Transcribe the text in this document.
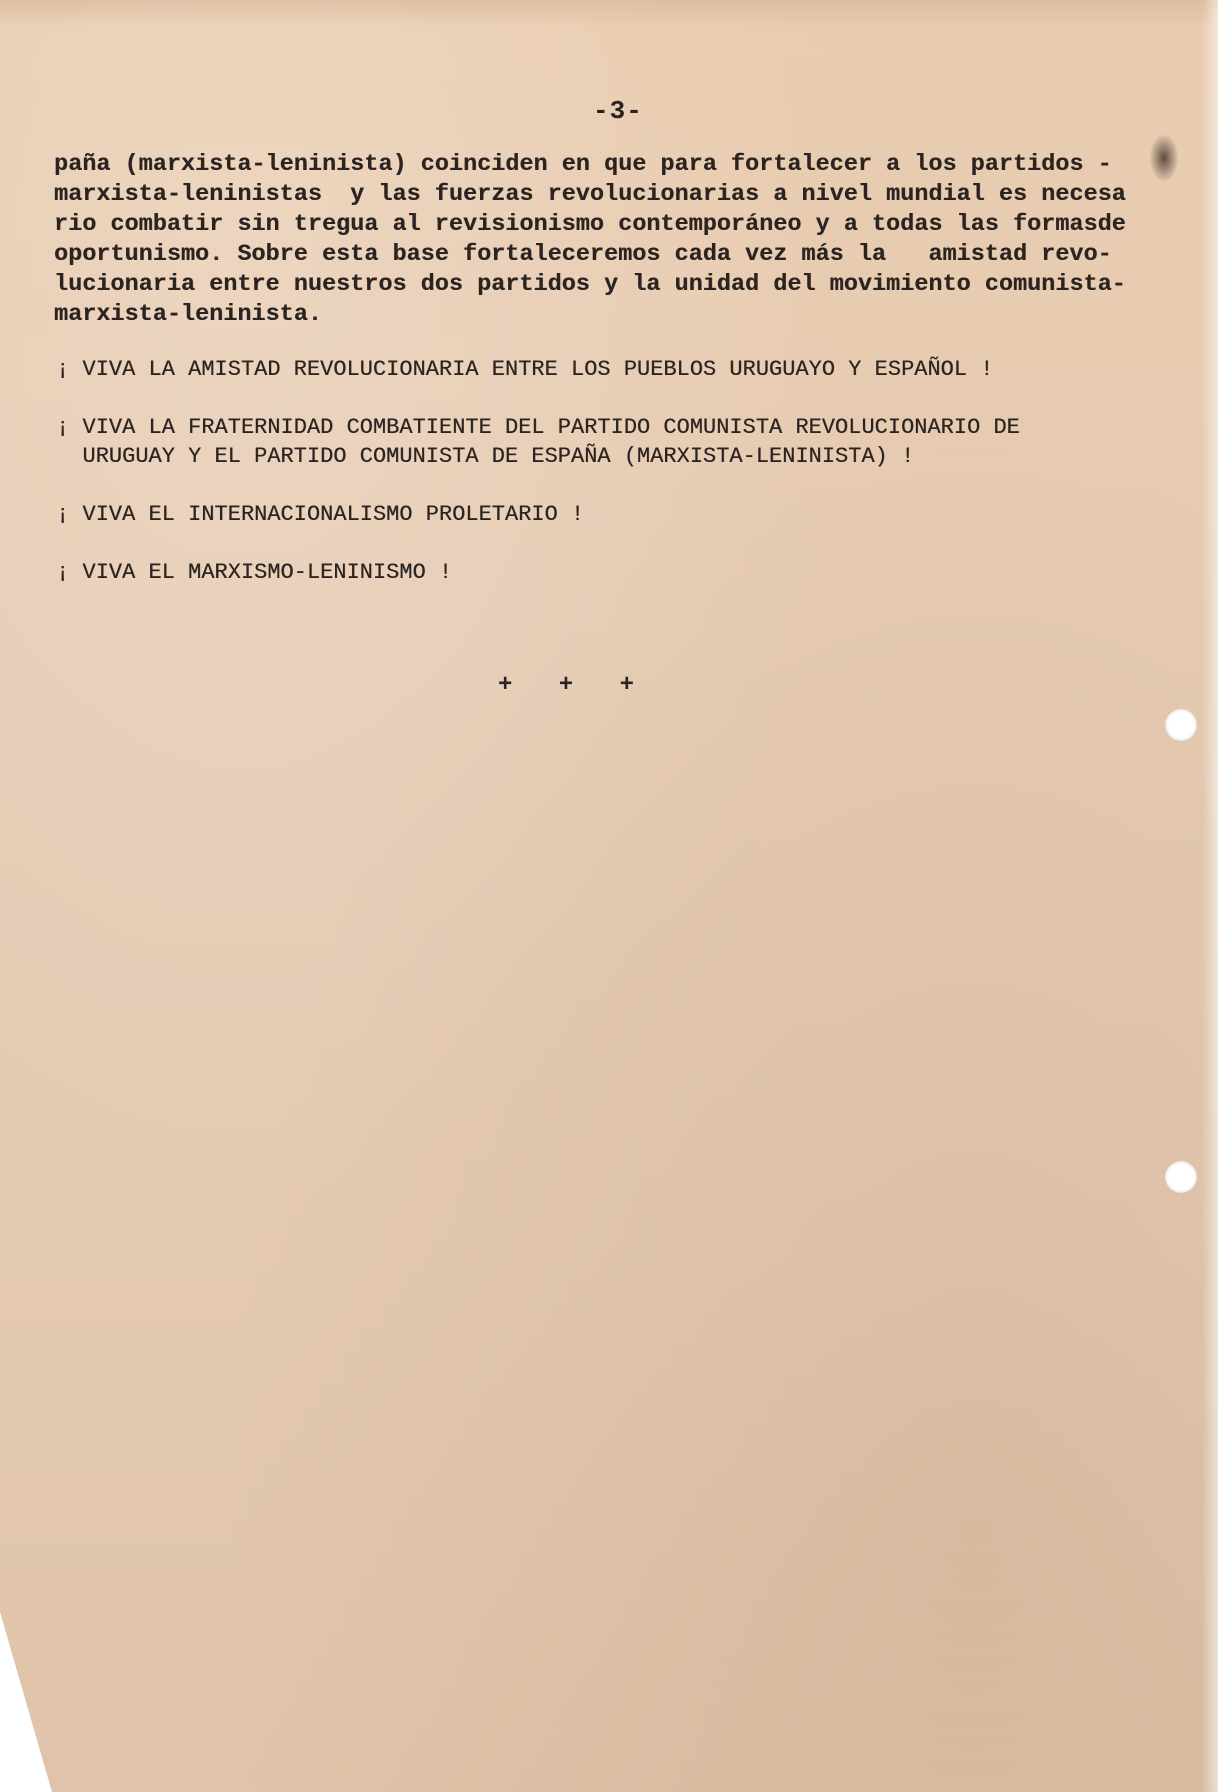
-3-
paña (marxista-leninista) coinciden en que para fortalecer a los partidos -
marxista-leninistas  y las fuerzas revolucionarias a nivel mundial es necesa
rio combatir sin tregua al revisionismo contemporáneo y a todas las formasde
oportunismo. Sobre esta base fortaleceremos cada vez más la   amistad revo-
lucionaria entre nuestros dos partidos y la unidad del movimiento comunista-
marxista-leninista.
¡ VIVA LA AMISTAD REVOLUCIONARIA ENTRE LOS PUEBLOS URUGUAYO Y ESPAÑOL !
¡ VIVA LA FRATERNIDAD COMBATIENTE DEL PARTIDO COMUNISTA REVOLUCIONARIO DE
URUGUAY Y EL PARTIDO COMUNISTA DE ESPAÑA (MARXISTA-LENINISTA) !
¡ VIVA EL INTERNACIONALISMO PROLETARIO !
¡ VIVA EL MARXISMO-LENINISMO !
+ + +
